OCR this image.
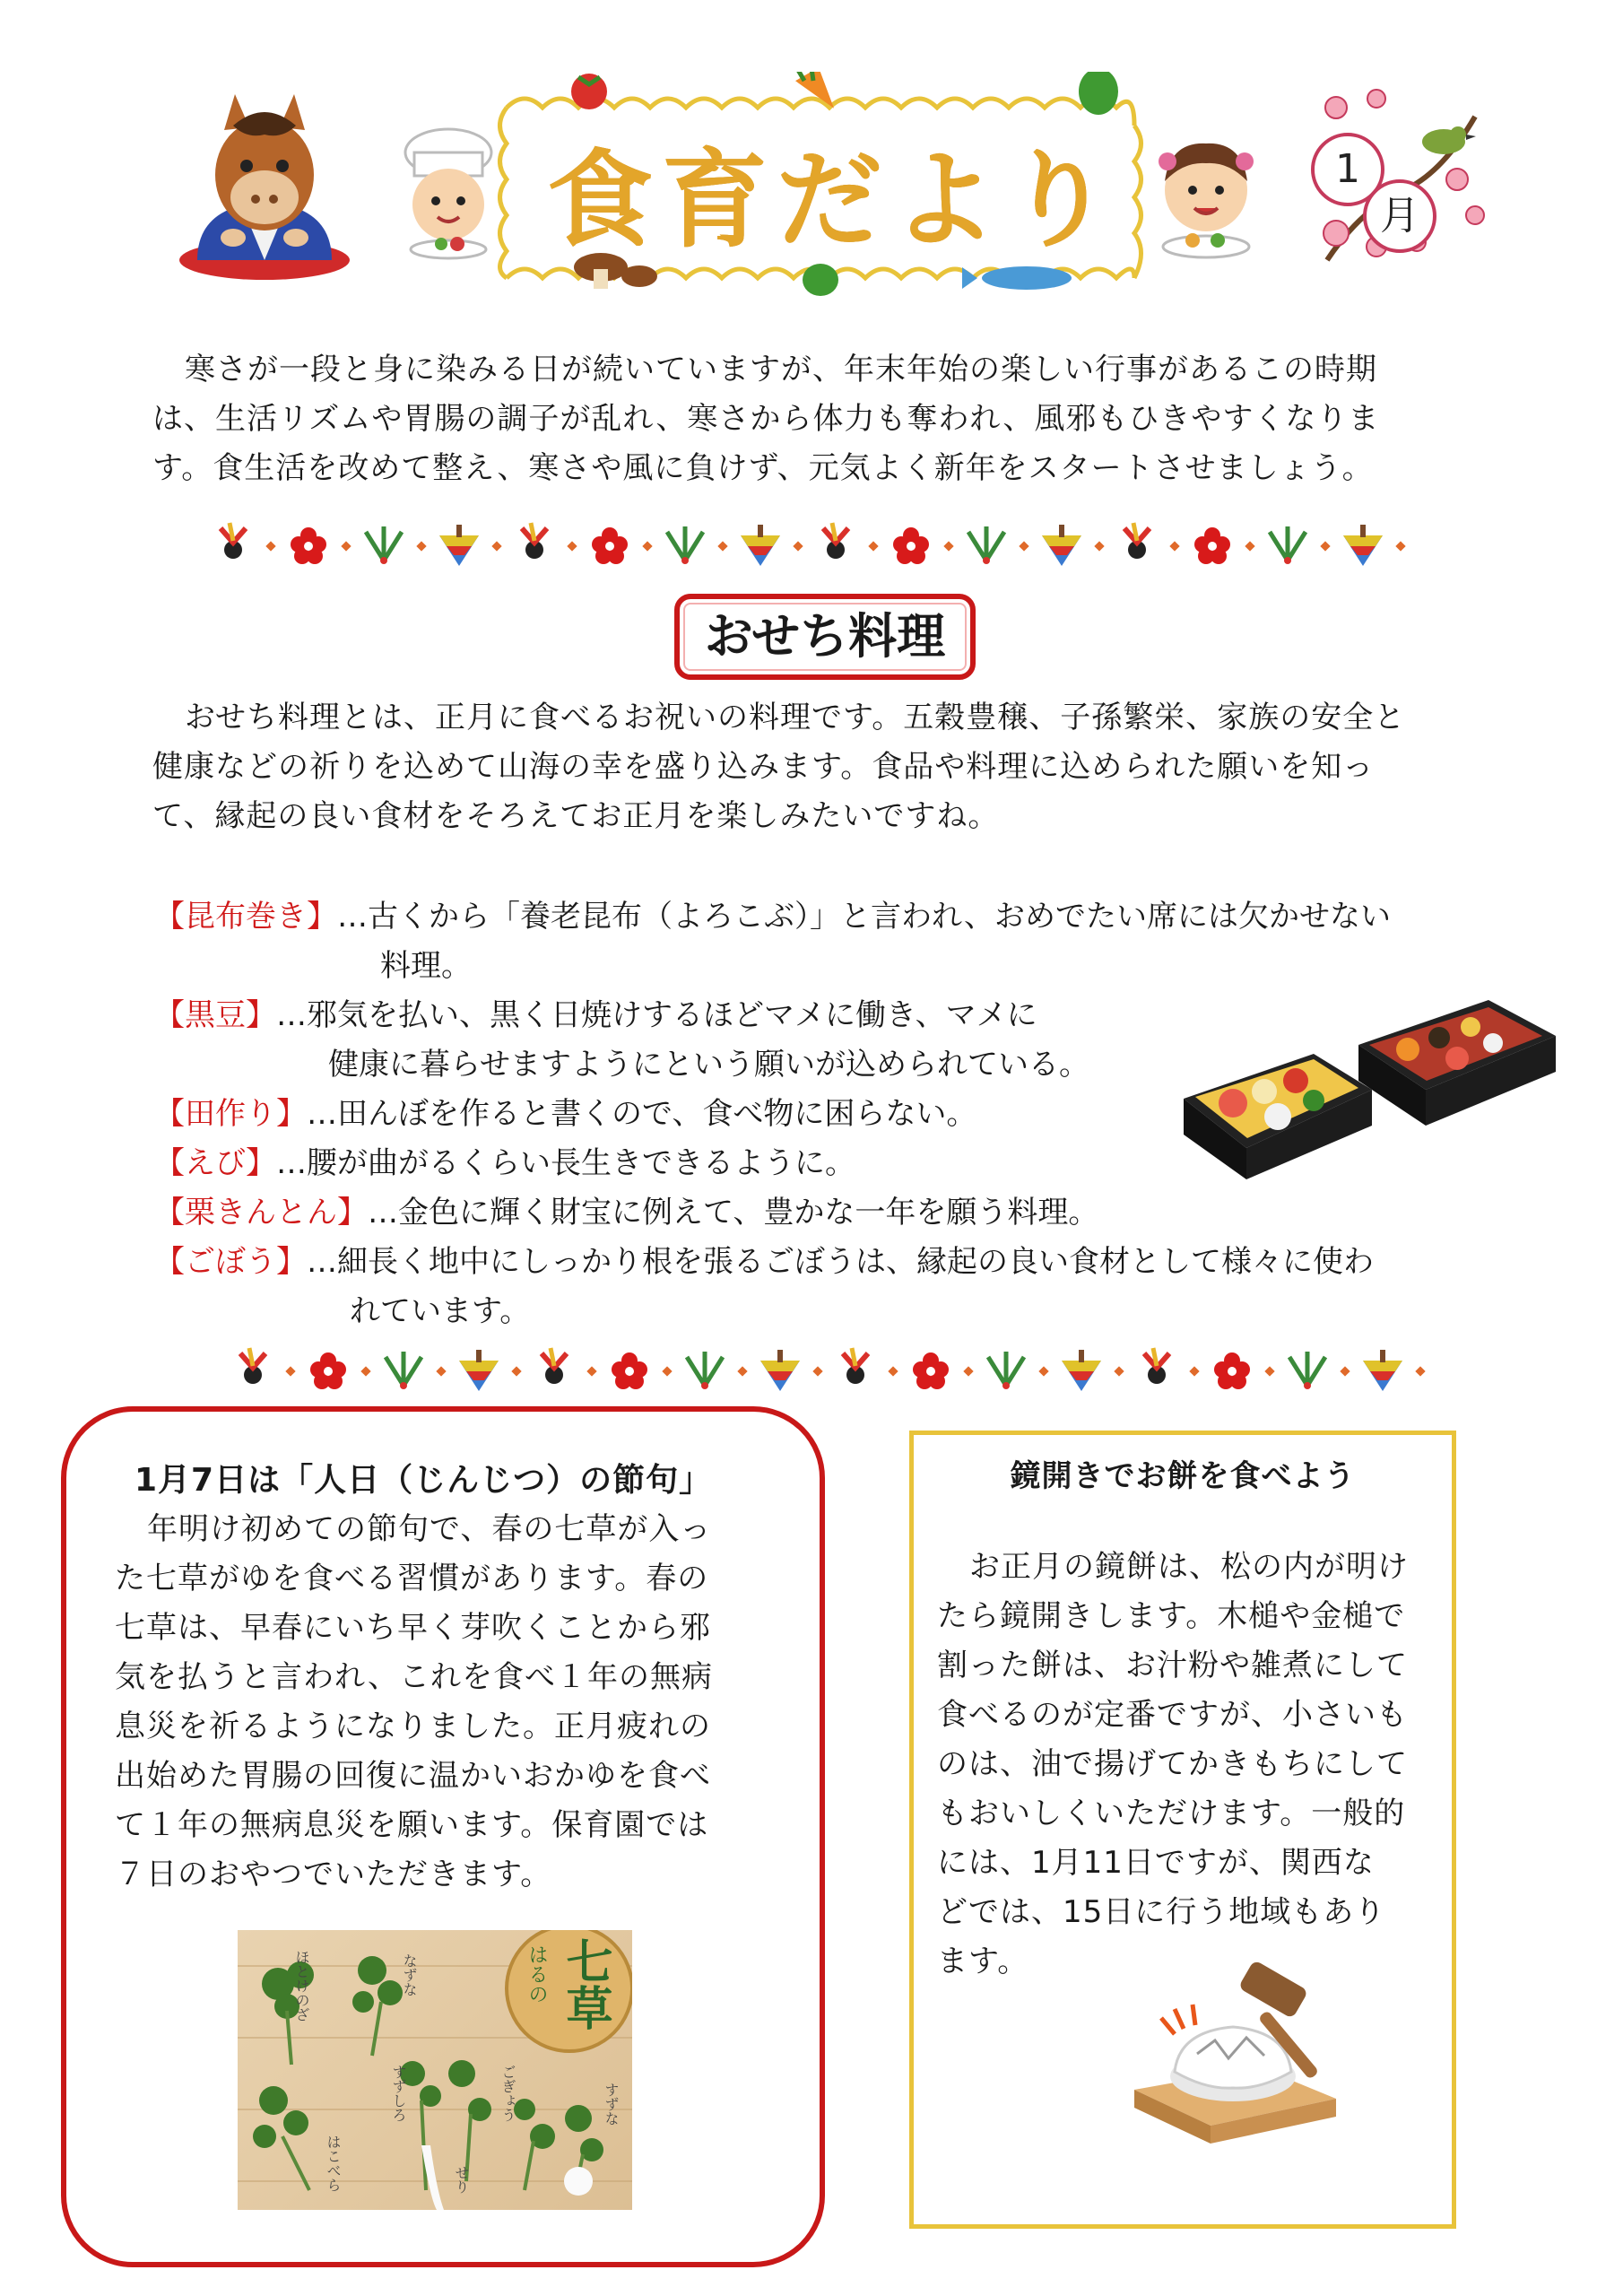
食育だより	1
月
寒さが一段と身に染みる日が続いていますが、年末年始の楽しい行事があるこの時期
は、生活リズムや胃腸の調子が乱れ、寒さから体力も奪われ、風邪もひきやすくなりま
す。食生活を改めて整え、寒さや風に負けず、元気よく新年をスタートさせましょう。
おせち料理
おせち料理とは、正月に食べるお祝いの料理です。五穀豊穣、子孫繁栄、家族の安全と
健康などの祈りを込めて山海の幸を盛り込みます。食品や料理に込められた願いを知っ
て、縁起の良い食材をそろえてお正月を楽しみたいですね。
【昆布巻き】…古くから「養老昆布（よろこぶ）」と言われ、おめでたい席には欠かせない
料理。
【黒豆】…邪気を払い、黒く日焼けするほどマメに働き、マメに
健康に暮らせますようにという願いが込められている。
【田作り】…田んぼを作ると書くので、食べ物に困らない。
【えび】…腰が曲がるくらい長生きできるように。
【栗きんとん】…金色に輝く財宝に例えて、豊かな一年を願う料理。
【ごぼう】…細長く地中にしっかり根を張るごぼうは、縁起の良い食材として様々に使わ
れています。
1月7日は「人日（じんじつ）の節句」
年明け初めての節句で、春の七草が入っ
た七草がゆを食べる習慣があります。春の
七草は、早春にいち早く芽吹くことから邪
気を払うと言われ、これを食べ１年の無病
息災を祈るようになりました。正月疲れの
出始めた胃腸の回復に温かいおかゆを食べ
て１年の無病息災を願います。保育園では
７日のおやつでいただきます。
はるの 七草
ほとけのざ	なずな
すずしろ	ごぎょう
はこべら	せり
すずな
鏡開きでお餅を食べよう
お正月の鏡餅は、松の内が明け
たら鏡開きします。木槌や金槌で
割った餅は、お汁粉や雑煮にして
食べるのが定番ですが、小さいも
のは、油で揚げてかきもちにして
もおいしくいただけます。一般的
には、1月11日ですが、関西な
どでは、15日に行う地域もあり
ます。
